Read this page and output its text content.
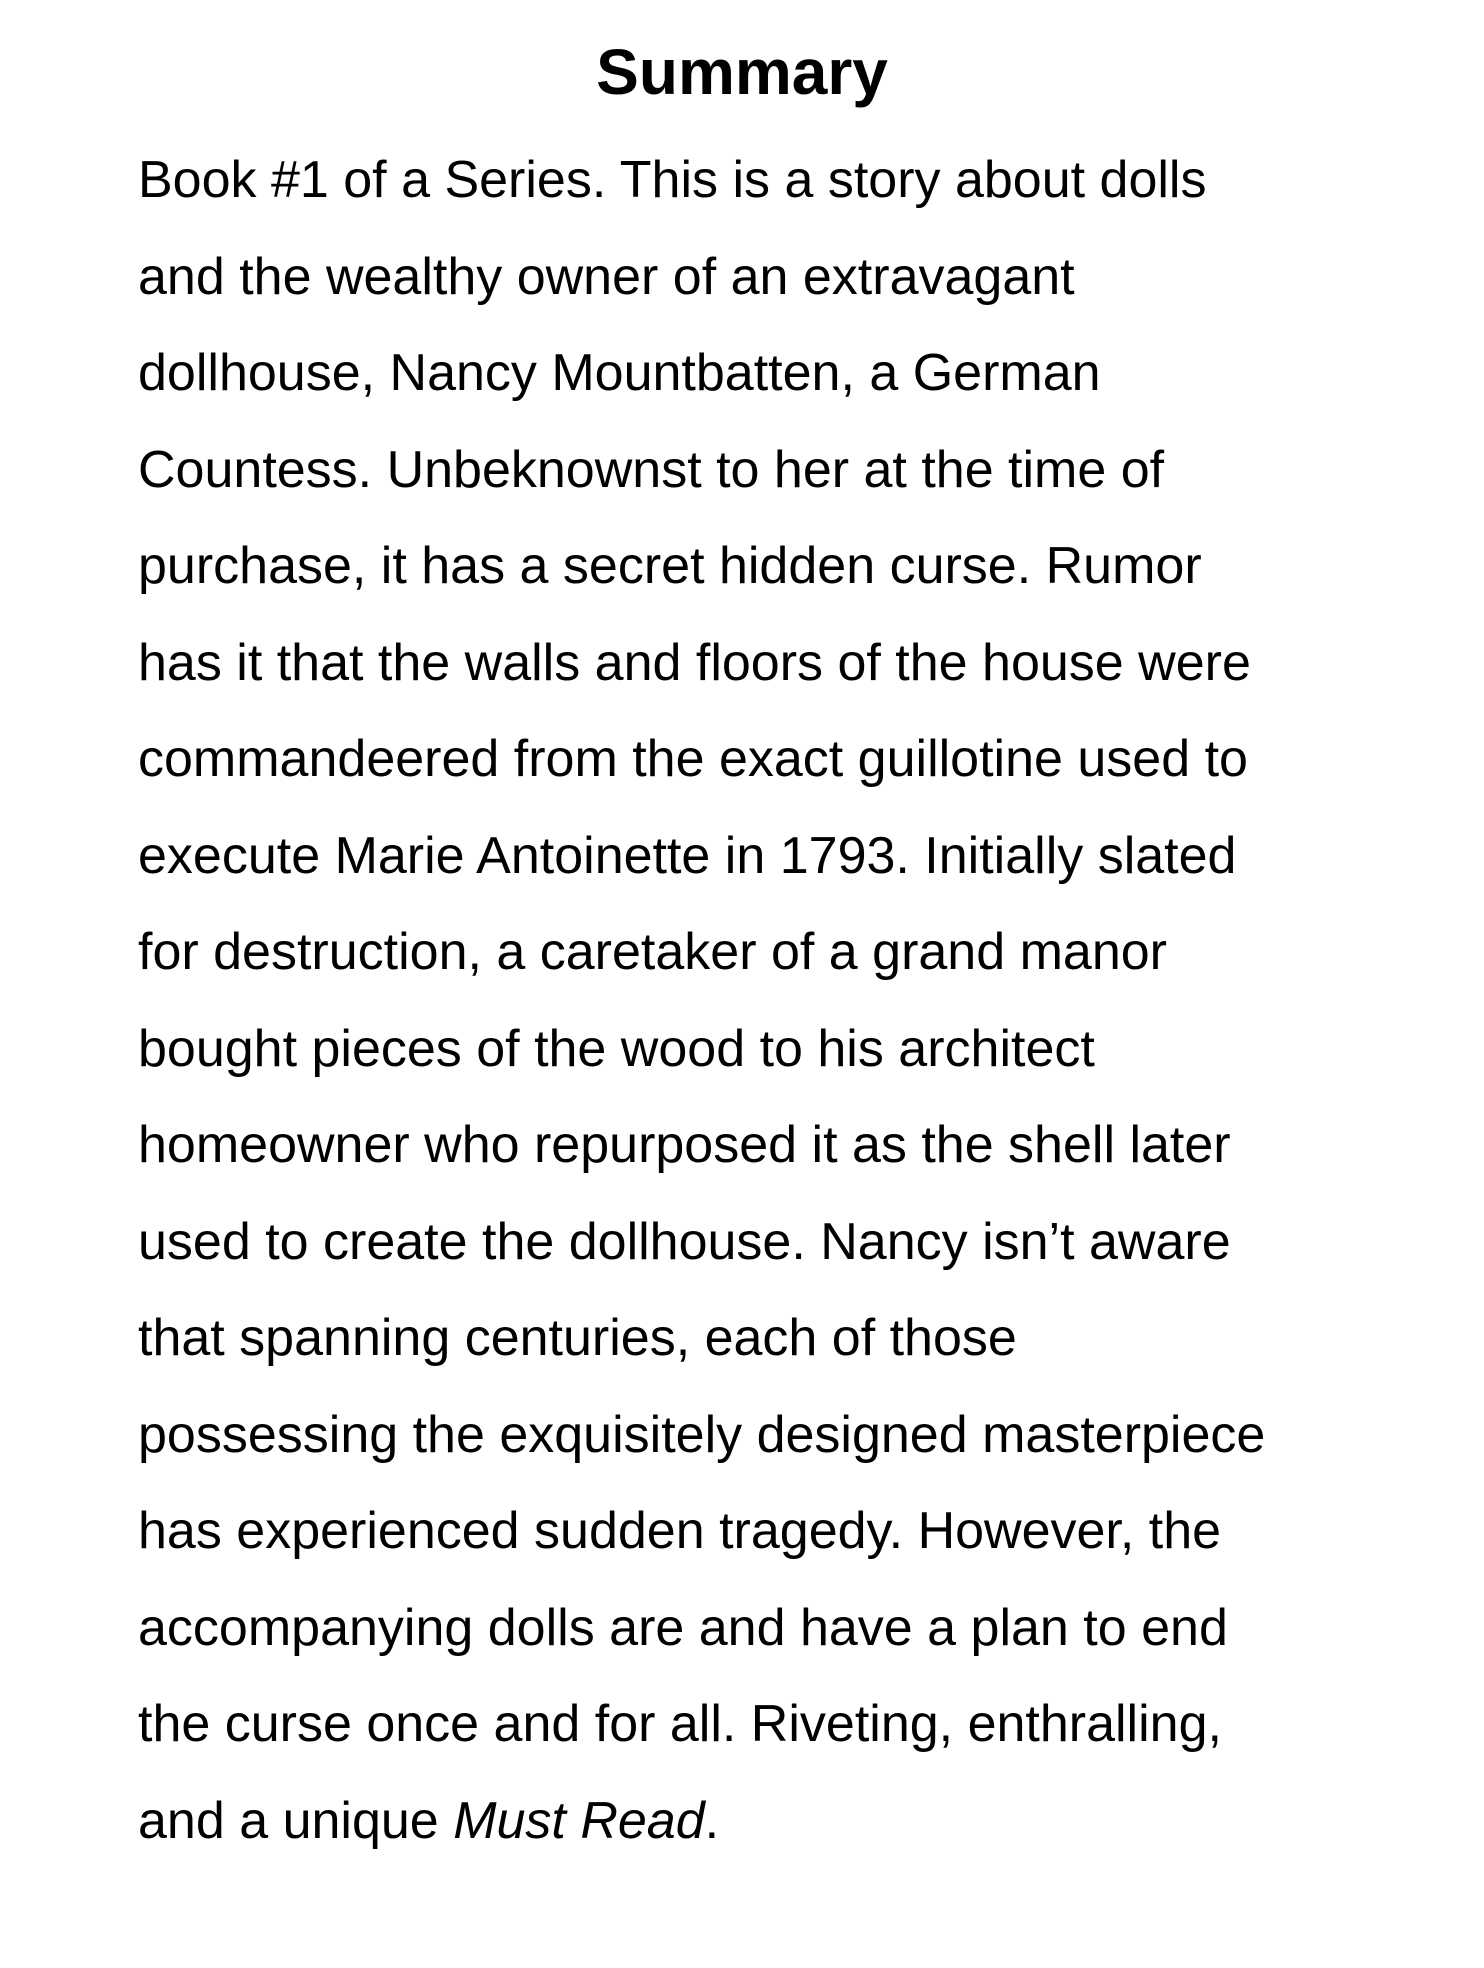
Summary
Book #1 of a Series. This is a story about dolls
and the wealthy owner of an extravagant
dollhouse, Nancy Mountbatten, a German
Countess. Unbeknownst to her at the time of
purchase, it has a secret hidden curse. Rumor
has it that the walls and floors of the house were
commandeered from the exact guillotine used to
execute Marie Antoinette in 1793. Initially slated
for destruction, a caretaker of a grand manor
bought pieces of the wood to his architect
homeowner who repurposed it as the shell later
used to create the dollhouse. Nancy isn’t aware
that spanning centuries, each of those
possessing the exquisitely designed masterpiece
has experienced sudden tragedy. However, the
accompanying dolls are and have a plan to end
the curse once and for all. Riveting, enthralling,
and a unique Must Read.
